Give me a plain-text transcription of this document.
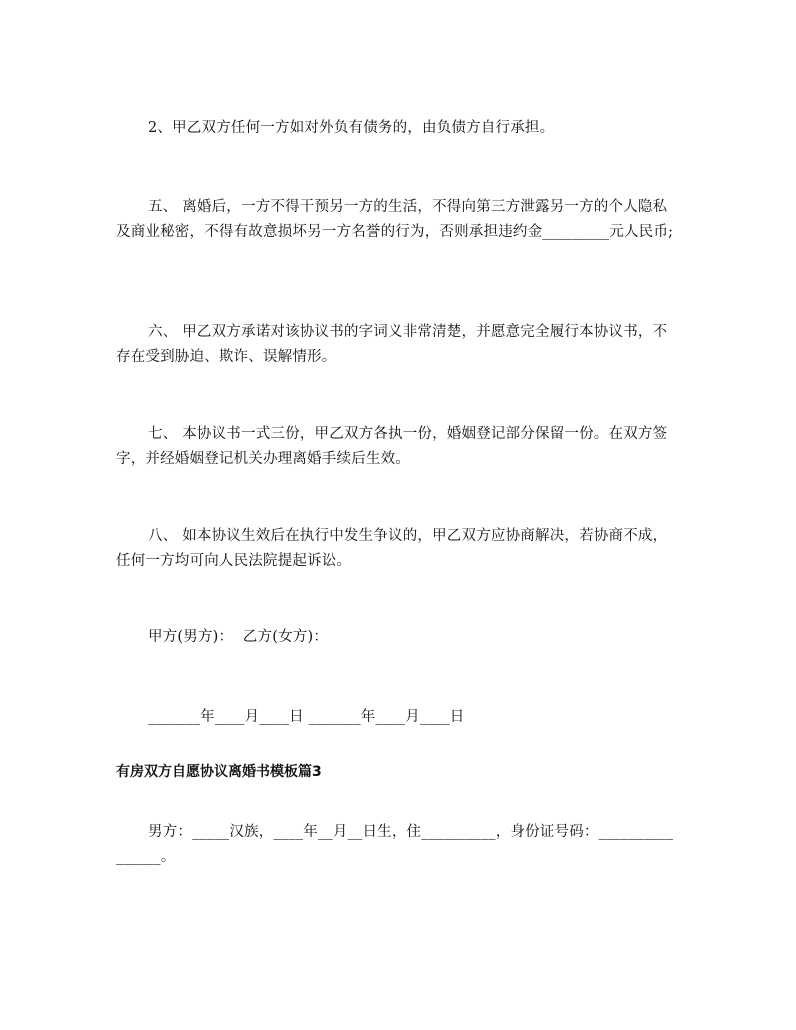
2、甲乙双方任何一方如对外负有债务的，由负债方自行承担。

五、 离婚后，一方不得干预另一方的生活，不得向第三方泄露另一方的个人隐私及商业秘密，不得有故意损坏另一方名誉的行为，否则承担违约金_________元人民币;

六、 甲乙双方承诺对该协议书的字词义非常清楚，并愿意完全履行本协议书，不存在受到胁迫、欺诈、误解情形。

七、 本协议书一式三份，甲乙双方各执一份，婚姻登记部分保留一份。在双方签字，并经婚姻登记机关办理离婚手续后生效。

八、 如本协议生效后在执行中发生争议的，甲乙双方应协商解决，若协商不成，任何一方均可向人民法院提起诉讼。

甲方(男方)：  乙方(女方)：

_______年____月____日 _______年____月____日

有房双方自愿协议离婚书模板篇3

男方：_____汉族，____年__月__日生，住__________，身份证号码：________________。
